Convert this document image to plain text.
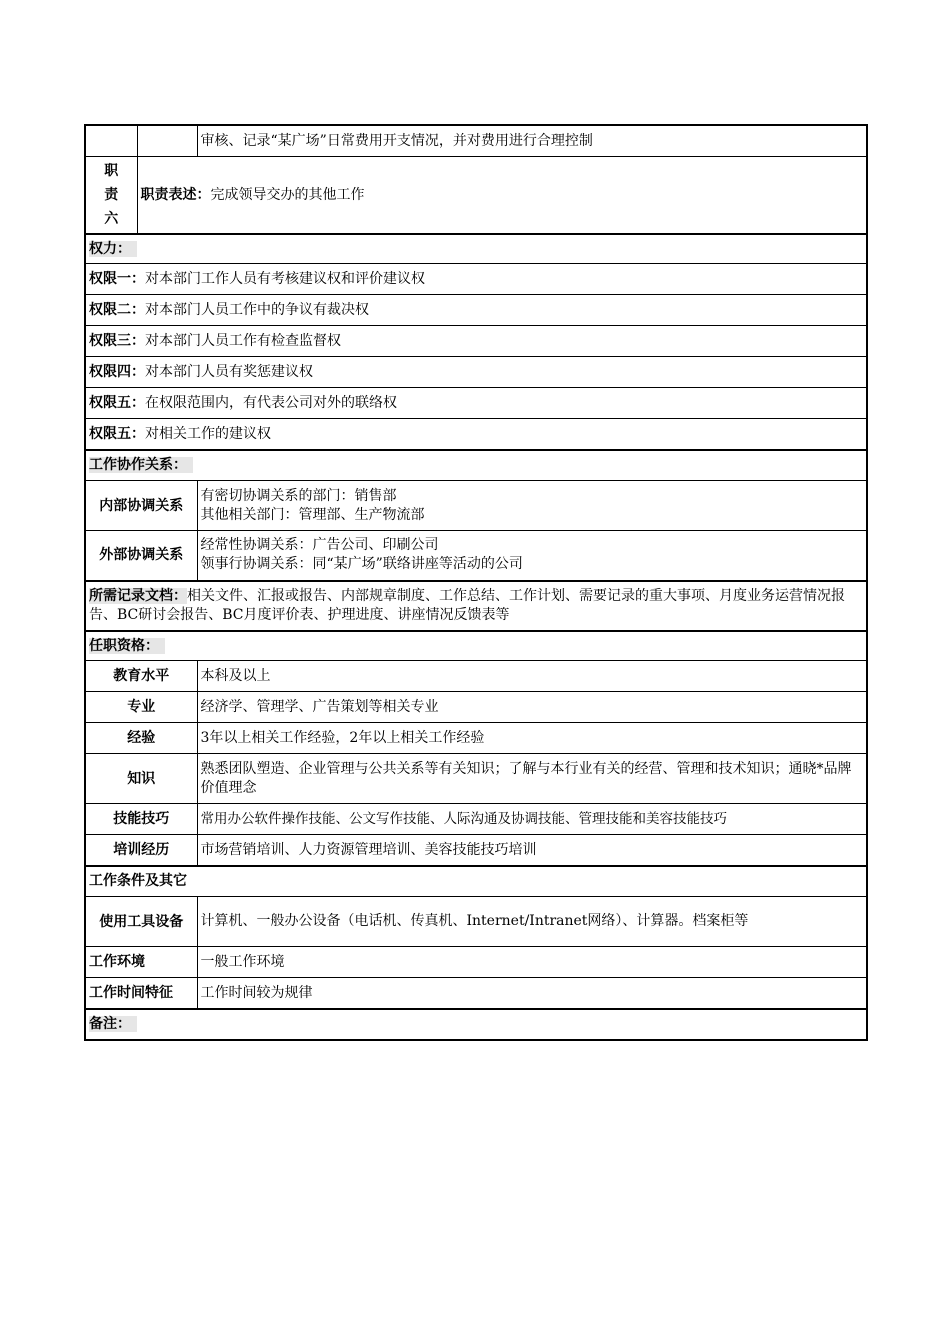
		审核、记录“某广场”日常费用开支情况，并对费用进行合理控制

职
责
六	职责表述：完成领导交办的其他工作	
权力：		
权限一：对本部门工作人员有考核建议权和评价建议权		
权限二：对本部门人员工作中的争议有裁决权		
权限三：对本部门人员工作有检查监督权		
权限四：对本部门人员有奖惩建议权		
权限五：在权限范围内，有代表公司对外的联络权		
权限五：对相关工作的建议权		
工作协作关系：		
内部协调关系		有密切协调关系的部门：销售部
其他相关部门：管理部、生产物流部

外部协调关系		经常性协调关系：广告公司、印刷公司
领事行协调关系：同“某广场”联络讲座等活动的公司

所需记录文档：相关文件、汇报或报告、内部规章制度、工作总结、工作计划、需要记录的重大事项、月度业务运营情况报告、BC研讨会报告、BC月度评价表、护理进度、讲座情况反馈表等		
任职资格：		
教育水平		本科及以上
专业		经济学、管理学、广告策划等相关专业
经验		3年以上相关工作经验，2年以上相关工作经验
知识		熟悉团队塑造、企业管理与公共关系等有关知识；了解与本行业有关的经营、管理和技术知识；通晓*品牌价值理念
技能技巧		常用办公软件操作技能、公文写作技能、人际沟通及协调技能、管理技能和美容技能技巧
培训经历		市场营销培训、人力资源管理培训、美容技能技巧培训
工作条件及其它		
使用工具设备		计算机、一般办公设备（电话机、传真机、Internet/Intranet网络）、计算器。档案柜等
工作环境		一般工作环境
工作时间特征		工作时间较为规律
备注：		
